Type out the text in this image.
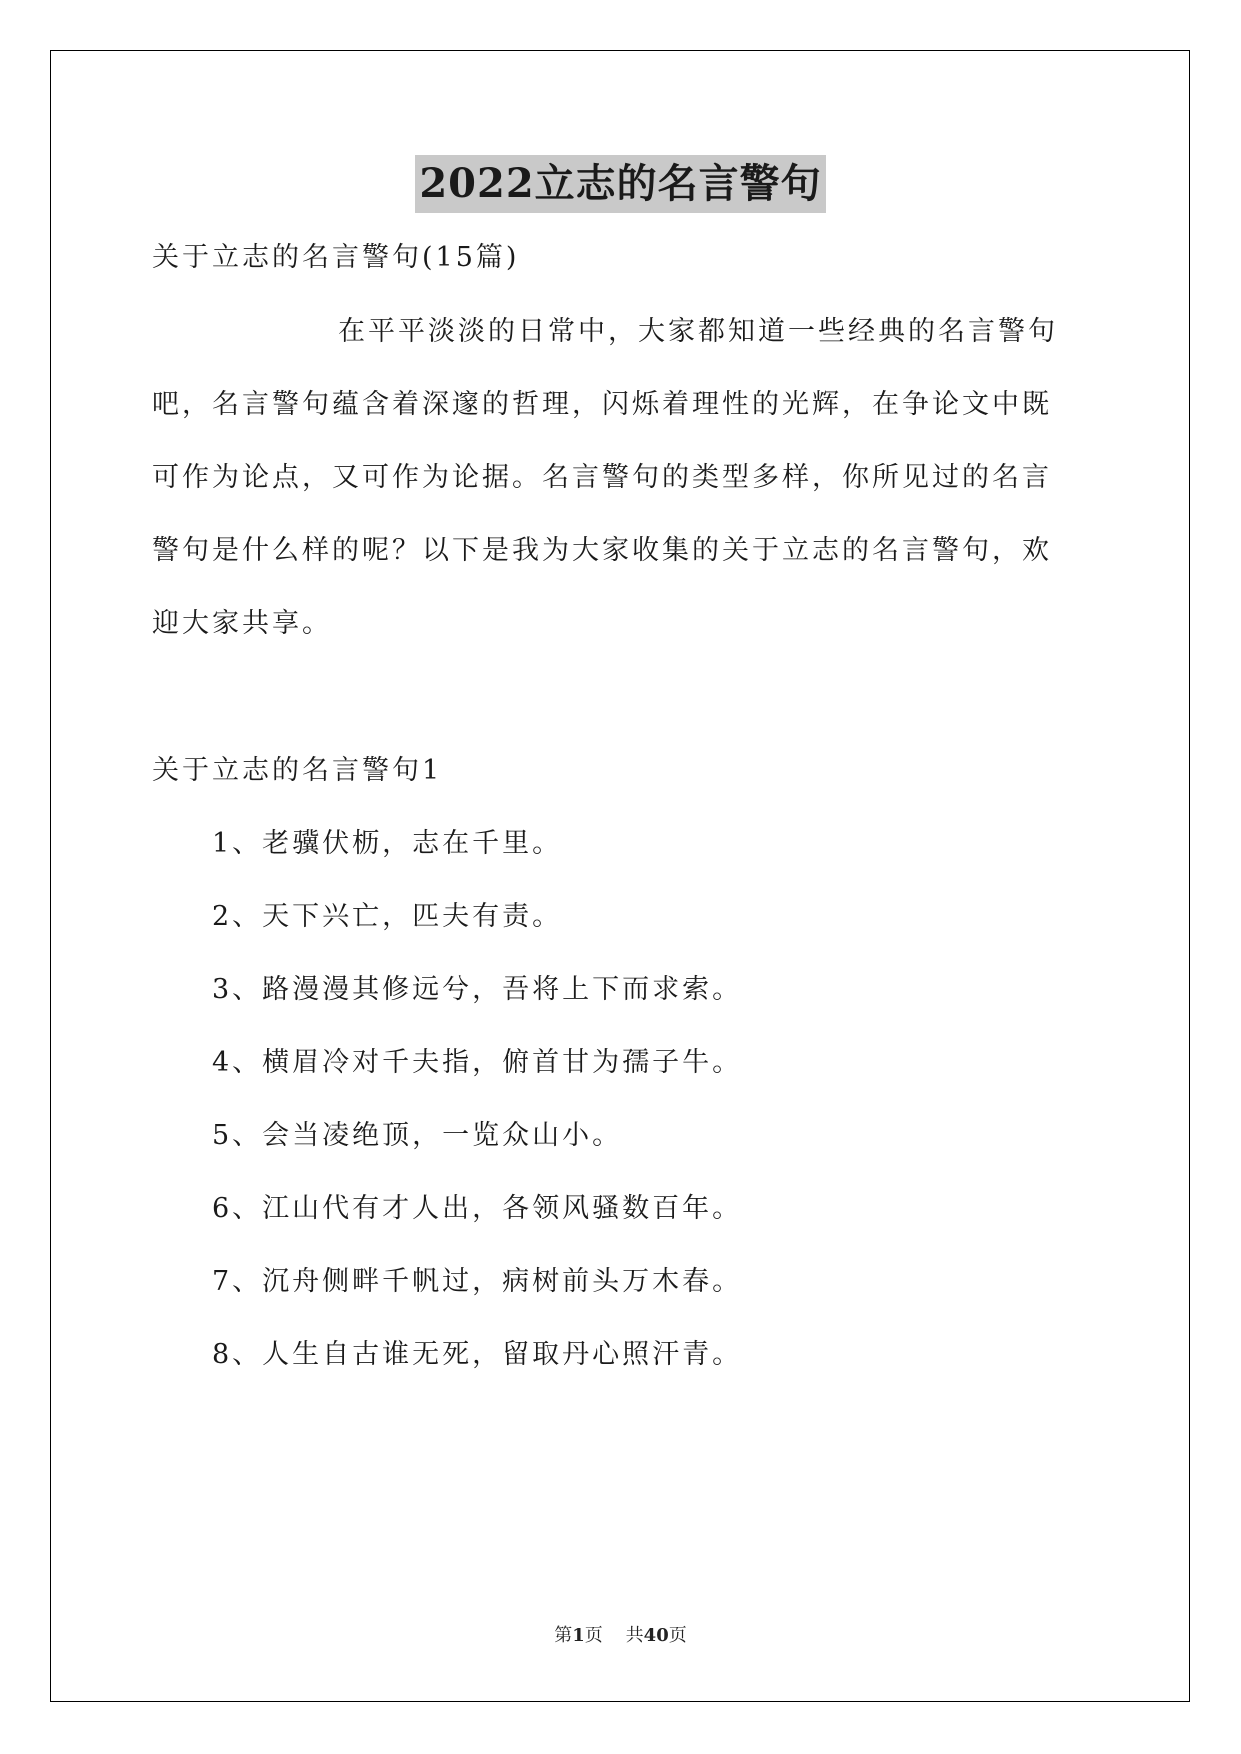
2022立志的名言警句
关于立志的名言警句(15篇)
在平平淡淡的日常中，大家都知道一些经典的名言警句
吧，名言警句蕴含着深邃的哲理，闪烁着理性的光辉，在争论文中既
可作为论点，又可作为论据。名言警句的类型多样，你所见过的名言
警句是什么样的呢？以下是我为大家收集的关于立志的名言警句，欢
迎大家共享。
关于立志的名言警句1
1、老骥伏枥，志在千里。
2、天下兴亡，匹夫有责。
3、路漫漫其修远兮，吾将上下而求索。
4、横眉冷对千夫指，俯首甘为孺子牛。
5、会当凌绝顶，一览众山小。
6、江山代有才人出，各领风骚数百年。
7、沉舟侧畔千帆过，病树前头万木春。
8、人生自古谁无死，留取丹心照汗青。
第1页 共40页
